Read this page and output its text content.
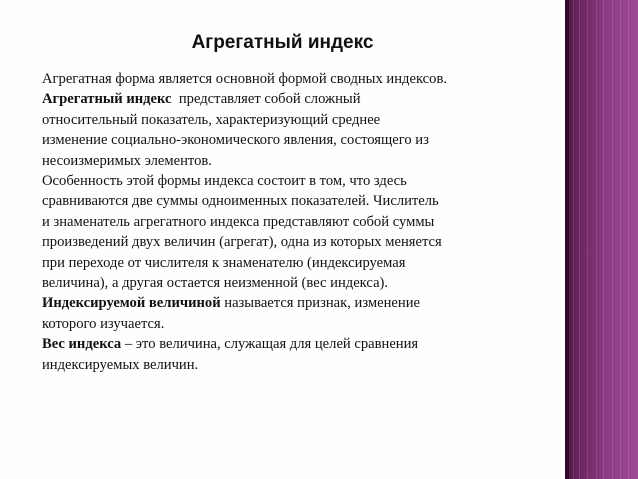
Агрегатный индекс
Агрегатная форма является основной формой сводных индексов.
Агрегатный индекс  представляет собой сложный
относительный показатель, характеризующий среднее
изменение социально-экономического явления, состоящего из
несоизмеримых элементов.
Особенность этой формы индекса состоит в том, что здесь
сравниваются две суммы одноименных показателей. Числитель
и знаменатель агрегатного индекса представляют собой суммы
произведений двух величин (агрегат), одна из которых меняется
при переходе от числителя к знаменателю (индексируемая
величина), а другая остается неизменной (вес индекса).
Индексируемой величиной называется признак, изменение
которого изучается.
Вес индекса – это величина, служащая для целей сравнения
индексируемых величин.
